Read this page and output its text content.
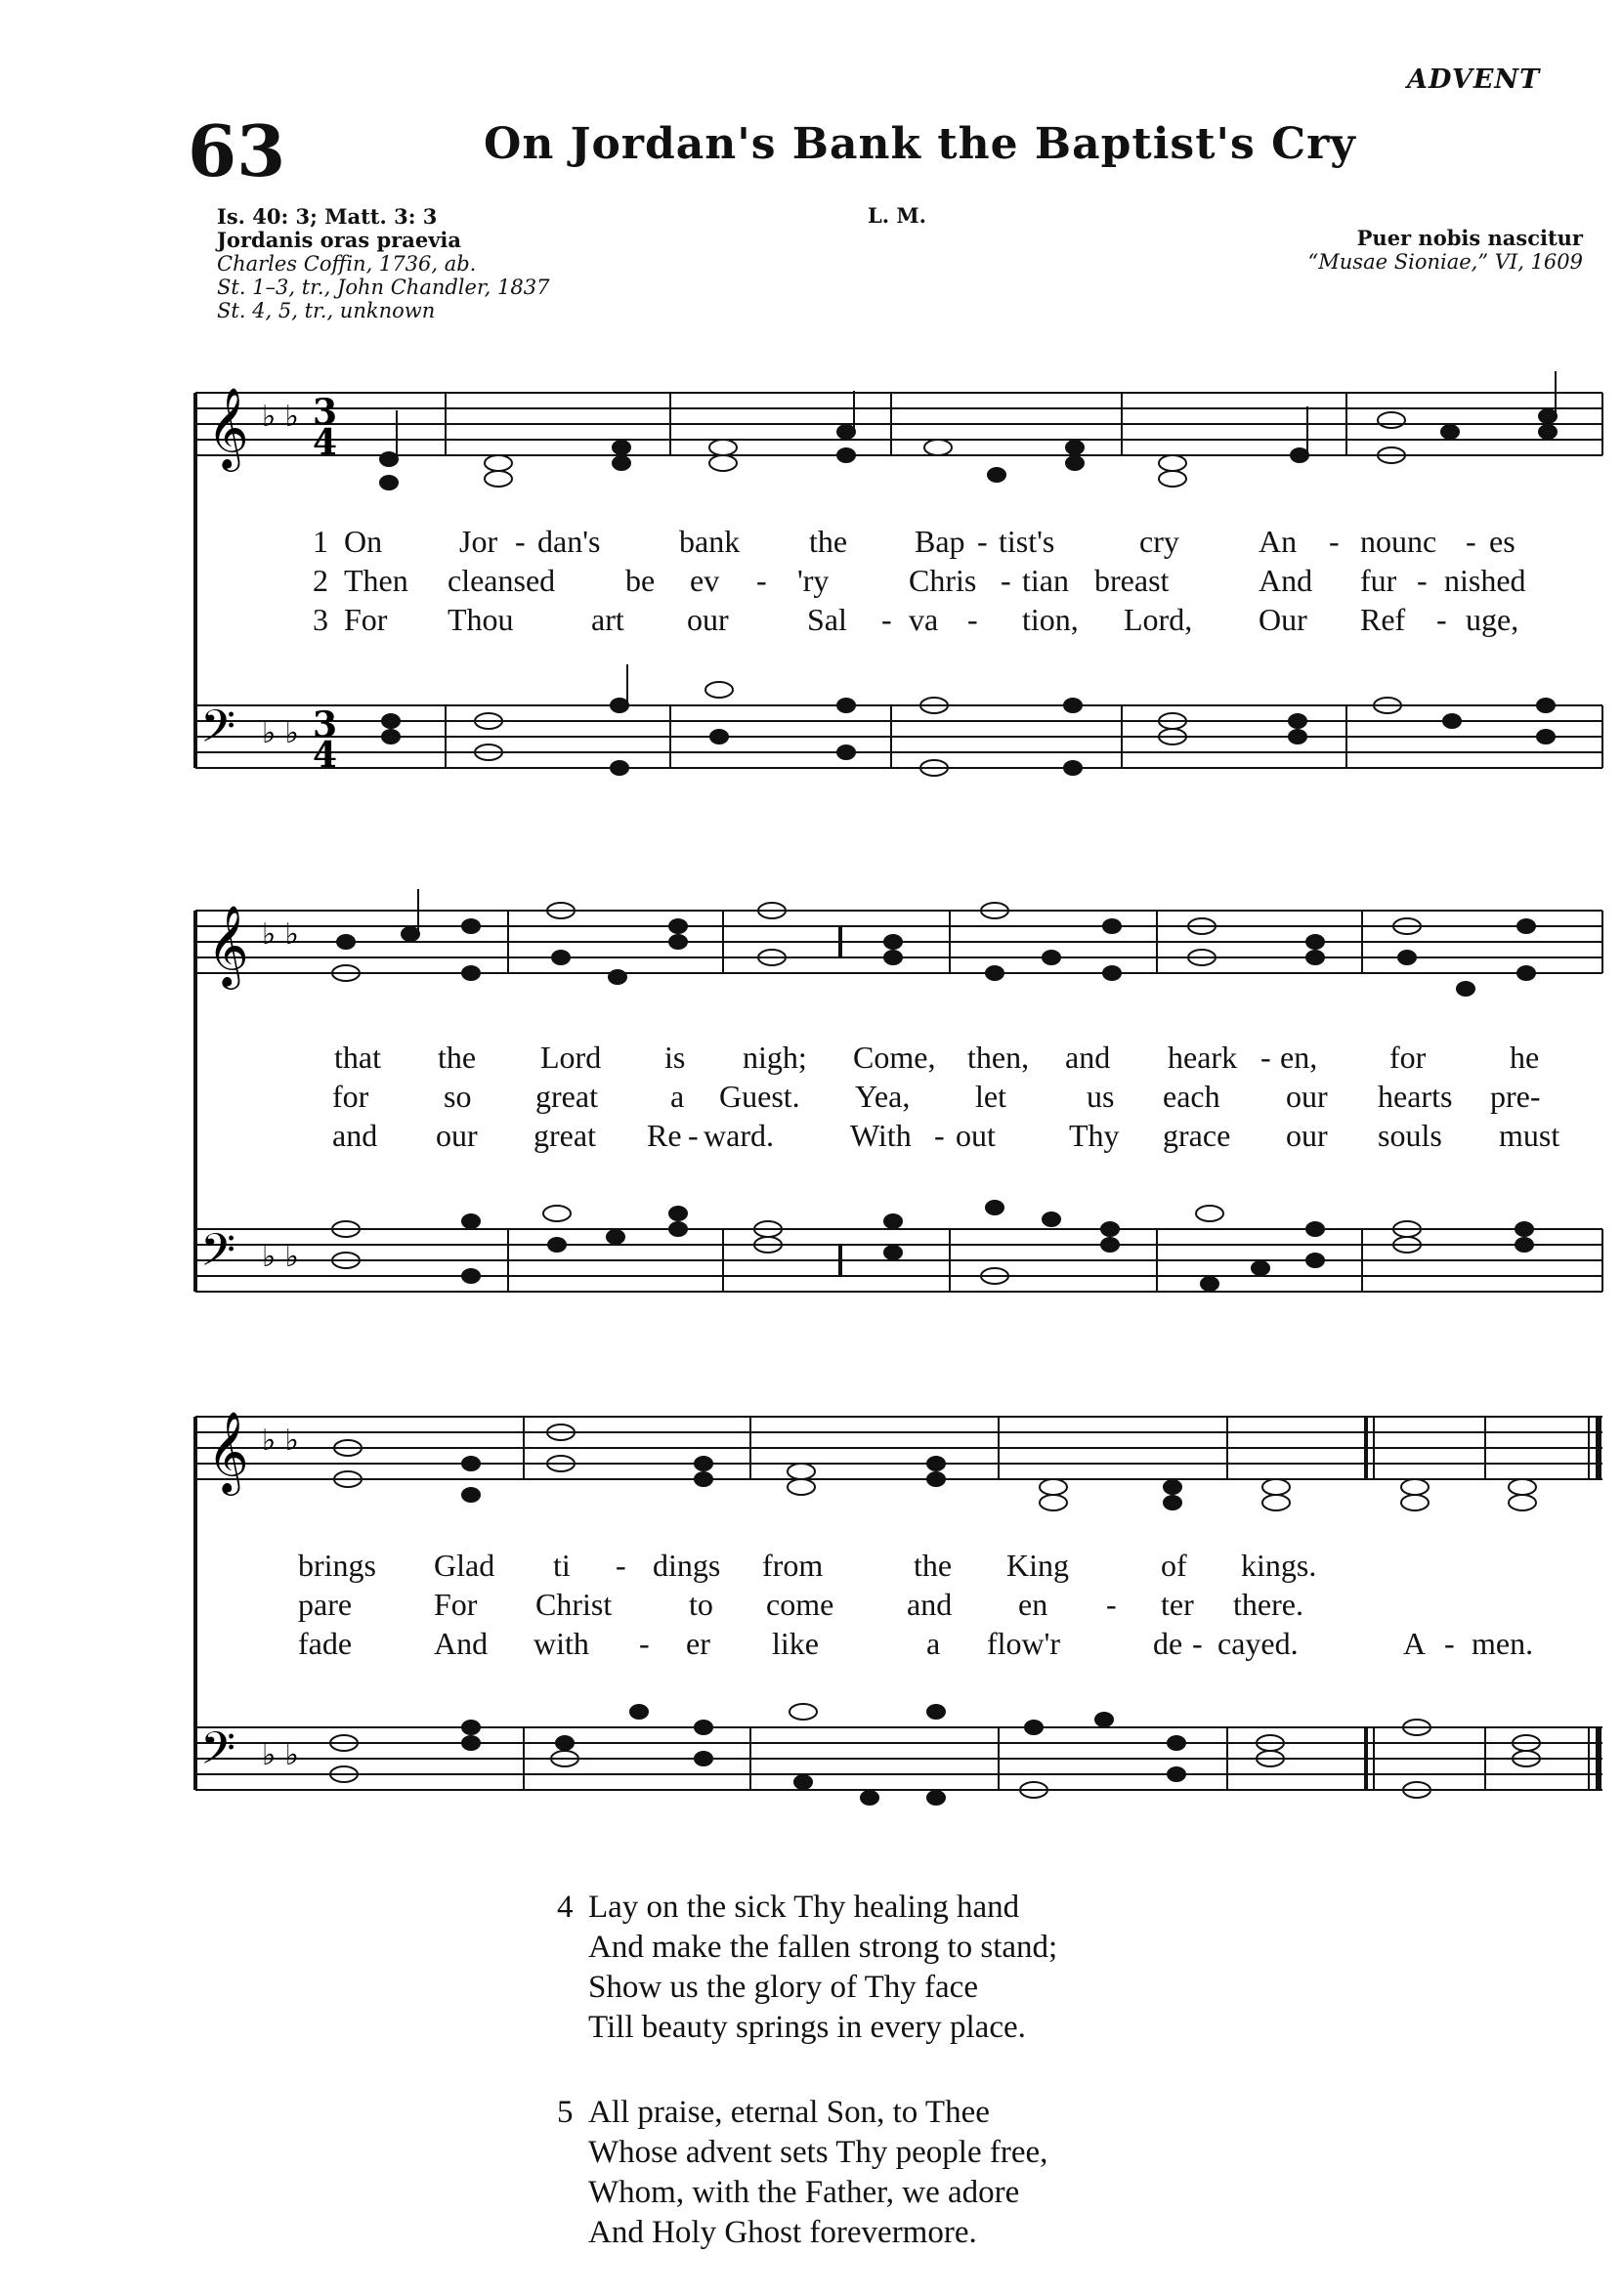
ADVENT
63	On Jordan's Bank the Baptist's Cry
Is. 40: 3; Matt. 3: 3
Jordanis oras praevia
Charles Coffin, 1736, ab.
St. 1–3, tr., John Chandler, 1837
St. 4, 5, tr., unknown
L. M.
Puer nobis nascitur
“Musae Sioniae,” VI, 1609
𝄞
𝄢
♭ ♭ 3
4
♭ ♭ 3
4
1 On Jor - dan's	bank the Bap - tist's	cry	An - nounc - es
2 Then cleansed be ev - 'ry	Chris - tian breast	And fur - nished
3 For Thou art our	Sal - va - tion, Lord, Our Ref - uge,
𝄞
𝄢
♭ ♭
♭ ♭
that the Lord is nigh; Come, then, and heark - en, for	he
for so great a Guest. Yea, let	us each our hearts pre-
and our great Re - ward. With - out Thy grace our souls must
𝄞
𝄢
♭ ♭
♭ ♭
brings Glad ti - dings from	the King	of kings.
pare	For Christ to come and en - ter there.
fade	And with - er like	a flow'r	de - cayed.	A - men.
4 Lay on the sick Thy healing hand
And make the fallen strong to stand;
Show us the glory of Thy face
Till beauty springs in every place.
5 All praise, eternal Son, to Thee
Whose advent sets Thy people free,
Whom, with the Father, we adore
And Holy Ghost forevermore.
